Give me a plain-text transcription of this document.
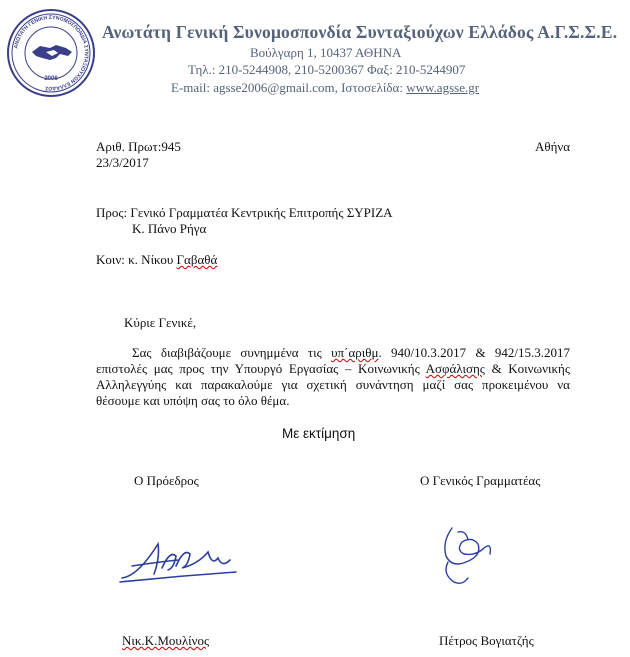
ΑΝΩΤΑΤΗ ΓΕΝΙΚΗ ΣΥΝΟΜΟΣΠΟΝΔΙΑ ΣΥΝΤΑΞΙΟΥΧΩΝ ΕΛΛΑΔΟΣ
2006
Ανωτάτη Γενική Συνομοσπονδία Συνταξιούχων Ελλάδος Α.Γ.Σ.Σ.Ε.
Βούλγαρη 1, 10437 ΑΘΗΝΑ
Τηλ.: 210-5244908, 210-5200367 Φαξ: 210-5244907
E-mail: agsse2006@gmail.com, Ιστοσελίδα: www.agsse.gr
Αριθ. Πρωτ:945
23/3/2017
Αθήνα
Προς: Γενικό Γραμματέα Κεντρικής Επιτροπής ΣΥΡΙΖΑ
Κ. Πάνο Ρήγα
Κοιν: κ. Νίκου Γαβαθά
Κύριε Γενικέ,
Σας διαβιβάζουμε συνημμένα τις υπ΄αριθμ. 940/10.3.2017 & 942/15.3.2017
επιστολές μας προς την Υπουργό Εργασίας – Κοινωνικής Ασφάλισης & Κοινωνικής
Αλληλεγγύης και παρακαλούμε για σχετική συνάντηση μαζί σας προκειμένου να
θέσουμε και υπόψη σας το όλο θέμα.
Με εκτίμηση
Ο Πρόεδρος	Ο Γενικός Γραμματέας
Νικ.Κ.Μουλίνος	Πέτρος Βογιατζής
